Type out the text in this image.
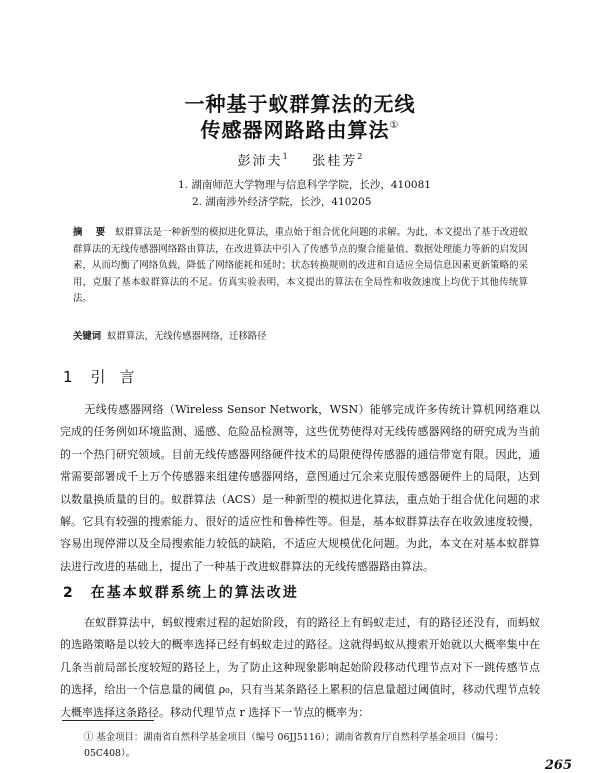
一种基于蚁群算法的无线
传感器网路路由算法①
彭沛夫$^1$ 张桂芳$^2$
1. 湖南师范大学物理与信息科学学院，长沙，410081
2. 湖南涉外经济学院，长沙，410205
摘　要 蚁群算法是一种新型的模拟进化算法，重点始于组合优化问题的求解。为此，本文提出了基于改进蚁群算法的无线传感器网络路由算法，在改进算法中引入了传感节点的聚合能量值、数据处理能力等新的启发因素，从而均衡了网络负载，降低了网络能耗和延时；状态转换规则的改进和自适应全局信息因素更新策略的采用，克服了基本蚁群算法的不足。仿真实验表明，本文提出的算法在全局性和收敛速度上均优于其他传统算法。
关键词 蚁群算法，无线传感器网络，迁移路径
1 引言
无线传感器网络（Wireless Sensor Network，WSN）能够完成许多传统计算机网络难以完成的任务例如环境监测、遥感、危险品检测等，这些优势使得对无线传感器网络的研究成为当前的一个热门研究领域。目前无线传感器网络硬件技术的局限使得传感器的通信带宽有限。因此，通常需要部署成千上万个传感器来组建传感器网络，意图通过冗余来克服传感器硬件上的局限，达到以数量换质量的目的。蚁群算法（ACS）是一种新型的模拟进化算法，重点始于组合优化问题的求解。它具有较强的搜索能力、很好的适应性和鲁棒性等。但是，基本蚁群算法存在收敛速度较慢，容易出现停滞以及全局搜索能力较低的缺陷，不适应大规模优化问题。为此，本文在对基本蚁群算法进行改进的基础上，提出了一种基于改进蚁群算法的无线传感器路由算法。
2 在基本蚁群系统上的算法改进
在蚁群算法中，蚂蚁搜索过程的起始阶段，有的路径上有蚂蚁走过，有的路径还没有，而蚂蚁的选路策略是以较大的概率选择已经有蚂蚁走过的路径。这就得蚂蚁从搜索开始就以大概率集中在几条当前局部长度较短的路径上，为了防止这种现象影响起始阶段移动代理节点对下一跳传感节点的选择，给出一个信息量的阈值 ρ₀，只有当某条路径上累积的信息量超过阈值时，移动代理节点较大概率选择这条路径。移动代理节点 r 选择下一节点的概率为：
① 基金项目：湖南省自然科学基金项目（编号 06JJ5116）；湖南省教育厅自然科学基金项目（编号：05C408）。
265
